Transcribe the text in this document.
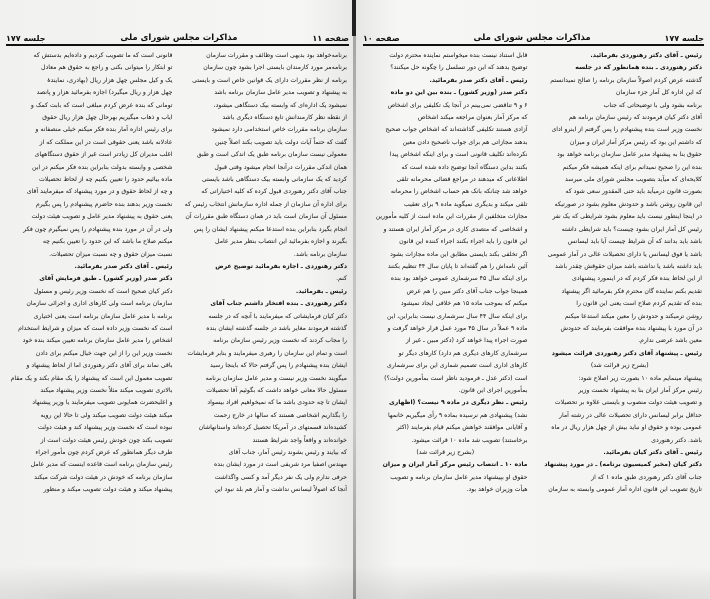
صفحه ۱۱
مذاکرات مجلس شورای ملی
جلسه ۱۷۷

قانونی است که ما تصویب کردیم و داده‌ایم بدستش که

تو ابتکار را میتوانی بکنی و راجع به حقوق هم معادل

یک و کیل مجلس چهل هزار ریال (بهادری، نمایندهٔ

چهل هزار و ریال میگیرد) اجازه بفرمائید هزار و پانصد

تومانی که بنده عرض کردم مبلغی است که بابت کمک و

ایاب و ذهاب میگیریم بهرحال چهل هزار ریال حقوق

برای رئیس اداره آمار بنده فکر میکنم خیلی منصفانه و

عادلانه باشد یعنی حقوقی است در این مملکت که از

اغلب مدیران کل زیادتر است غیر از حقوق دستگاههای

شخصی و وابسته بدولت بنابراین بنده فکر میکنم در این

ماده بیائیم حدود را تعیین بکنیم چه از لحاظ تحصیلات

و چه از لحاظ حقوق و در مورد پیشنهاد که میفرمایند آقای

نخست وزیر بدهند بنده حاضرم پیشنهادم را پس بگیرم

یعنی حقوق به پیشنهاد مدیر عامل و تصویب هیئت دولت

ولی در آن در مورد بنده پیشنهادم را پس نمیگیرم چون فکر

میکنم صلاح ما باشد که این حدود را تعیین بکنیم چه

نسبت میزان حقوق و چه نسبت میزان تحصیلات.

رئیس ـ آقای دکتر صدر بفرمائید.

دکتر صدر (وزیر کشور) ـ طبق فرمایش آقای

دکتر کیان صحیح است که نخست وزیر رئیس و مسئول

سازمان برنامه است ولی کارهای اداری و اجرائی سازمان

برنامه با مدیر عامل سازمان برنامه است یعنی اختیاری

است که نخست وزیر داده است که میزان و شرایط استخدام

اشخاص را مدیر عامل سازمان برنامه تعیین میکند بنده خود

نخست وزیر این را از این جهت خیال میکنم برای دادن

باقی نماند برای آقای دکتر رهنوردی اما از لحاظ پیشنهاد و

تصویب معمول این است که پیشنهاد را یک مقام بکند و یک مقام

بالاتری تصویب میکند مثلاً نخست وزیر پیشنهاد میکند

و اعلیحضرت همایونی تصویب میفرمایند یا وزیر پیشنهاد

میکند هیئت دولت تصویب میکند ولی تا حالا این رویه

نبوده است که نخست وزیر پیشنهاد کند و هیئت دولت

تصویب بکند چون خودش رئیس هیئت دولت است از

طرف دیگر همانطور که عرض کردم چون مأمور اجراء

رئیس سازمان برنامه است قاعده اینست که مدیر عامل

سازمان برنامه که خودش در هیئت دولت شرکت میکند

پیشنهاد میکند و هیئت دولت تصویب میکند و منظور

برنامه‌خواهد بود بدیهی است وظائف و مقررات سازمان

برنامه‌مر مورد کارمندان بایستی اجرا بشود چون سازمان

برنامه از نظر مقررات دارای یک قوانین خاص است و بایستی

به پیشنهاد و تصویب مدیر عامل سازمان برنامه باشد

نمیشود یک اداره‌ای که وابسته بیک دستگاهی میشود،

از نقطه نظر کارمندانش تابع دستگاه دیگری باشد

سازمان برنامه مقررات خاص استخدامی دارد نمیشود

گفت که حتماً آیات دولت باید تصویب بکند اصلاً چنین

معمولی نیست سازمان برنامه طبق یک اندکی است و طبق

همان اندکی مقررات درآنجا انجام میشود وقتی قبول

کردید که یک سازمانی وابسته بیک دستگاهی باشد بایستی

جناب آقای دکتر رهنوردی قبول کرده که کلیه اختیاراتی که

برای اداره آن سازمان از جمله اداره سازمانش انتخاب رئیس که

مسئول آن سازمان است باید در همان دستگاه طبق مقررات آن

انجام بگیرد بنابراین بنده استدعا میکنم پیشنهاد ایشان را پس

بگیرند و اجازه بفرمائید این انتصاب بنظر مدیر عامل

سازمان برنامه باشد.

دکتر رهنوردی ـ اجازه بفرمائید توضیح عرض

کنم.

رئیس ـ بفرمائید.

دکتر رهنوردی ـ بنده افتخار داشتم جناب آقای

دکتر کیان فرمایشاتی که میفرمایند با آنچه که در جلسه

گذشته فرمودند مغایر باشد در جلسه گذشته ایشان بنده

را مجاب کردند که نخست وزیر رئیس سازمان برنامه

است و تمام این سازمان را رهبری میفرمایند و بنابر فرمایشات

ایشان بنده پیشنهادم را پس گرفتم حالا که باینجا رسید

میگویند نخست وزیر نیست و مدیر عامل سازمان برنامه

مسئول حالا معانی خواهد داشت که بگوئیم آقا تحصیلات

ایشان تا چه حدودی باشد ما که نمیخواهیم افراد بیسواد

را بگذاریم اشخاصی هستند که سالها در خارج زحمت

کشیده‌اند قسمتهای در آمریکا تحصیل کرده‌اند واستانهاشان

خوانده‌اند و واقعاً واجد شرایط هستند

که بیایند و رئیس بشوند رئیس آمار، جناب آقای

مهندس اصفیا مرد شریفی است در مورد ایشان بنده

حرفی ندارم ولی یک نفر دیگر آمد و کسی واگذاشت

آنجا که اصولاً لیسانس نداشت و آمار هم بلد نبود این

جلسه ۱۷۷
مذاکرات مجلس شورای ملی
صفحه ۱۰

قابل استناد نیست بنده میخواستم نماینده محترم دولت

توضیح بدهند که این دور تسلسل را چگونه حل میکنند؟

رئیس ـ آقای دکتر صدر بفرمائید.

دکتر صدر (وزیر کشور) ـ بنده بین این دو ماده

۶ و ۹ تناقضی نمی‌بینم در آنجا یک تکلیفی برای اشخاص

که مرکز آمار بعنوان مراجعه میکند اشخاص

آزادی هستند تکلیفی گذاشته‌اند که اشخاص جواب صحیح

بدهند مجازاتی هم برای جواب ناصحیح دادن معین

نکرده‌اند تکلیف قانونی است و برای اینکه اشخاص پیدا

بکنند بداین دستگاه آنجا توضیح داده شده است که

اطلاعاتی که میدهند در مراجع قضائی محرمانه تلقی

خواهد شد چنانکه بانک هم حساب اشخاص را محرمانه

تلقی میکند و بدیگری نمیگوید ماده ۹ برای تعقیب

مجازات متخلفین از مقررات این ماده است از کلیه مأمورین

و اشخاصی که متصدی کاری در مرکز آمار ایران هستند و

این قانون را باید اجراء بکنند اجراء کننده این قانون

اگر تخلفی بکند بایستی مطابق این ماده مجازات بشود

آئین نامه‌اش را هم گفته‌اند تا پایان سال ۴۴ تنظیم بکنند

برای اینکه سال ۴۵ سرشماری عمومی خواهد بود بنده

همینجا جواب جناب آقای دکتر مبین را هم عرض

میکنم که بموجب ماده ۱۵ هم خلافی ایجاد نمیشود

برای اینکه سال ۴۴ سال سرشماری نیست بنابراین، این

ماده ۹ عملاً در سال ۴۵ مورد عمل قرار خواهد گرفت و

صورت اجراء پیدا خواهد کرد (دکتر مبین ـ غیر از

سرشماری کارهای دیگری هم دارد) کارهای دیگر تو

کارهای اداری است تصمیم شماری این برای سرشماری

است (دکتر عدل ـ فرمودید ناظر است بمأمورین دولت؟)

بمأمورین اجرای این قانون.

رئیس ـ نظر دیگری در ماده ۹ نیست؟ (اظهاری

نشد) پیشنهادی هم نرسیده بماده ۹ رأی میگیریم خانمها

و آقایانی موافقند خواهش میکنم قیام بفرمایند (اکثر

برخاستند) تصویب شد ماده ۱۰ قرائت میشود.

(بشرح زیر قرائت شد)

ماده ۱۰ ـ انتصاب رئیس مرکز آمار ایران و میزان

حقوق او بپیشنهاد مدیر عامل سازمان برنامه و تصویب

هیأت وزیران خواهد بود.

رئیس ـ آقای دکتر رهنوردی بفرمائید.

دکتر رهنوردی ـ بنده همانطور که در جلسه

گذشته عرض کردم اصولاً سازمان برنامه را صالح نمیدانستم

که این اداره کل آمار جزء سازمان

برنامه بشود ولی با توضیحاتی که جناب

آقای دکتر کیان فرمودند که رئیس سازمان برنامه هم

نخست وزیر است بنده پیشنهادم را پس گرفتم از اینرو ادای

که داشتم این بود که رئیس مرکز آمار ایران و میزان

حقوق بنا به پیشنهاد مدیر عامل سازمان برنامه خواهد بود

بنده این را صحیح نمیدانم برای اینکه همیشه فکر میکنم

کلایحه‌ای که میآید بتصویب مجلس شورای ملی میرسد

بصورت قانون درمیآید باید حتی المقدور سعی شود که

این قانون روشن باشد و حدودش معلوم بشود در صورتیکه

در اینجا اینطور نیست باید معلوم بشود شرایطی که یک نفر

رئیس کل آمار ایران بشود چیست؟ باید شرایطی داشته

باشد باید بدانند که آن شرایط چیست آیا باید لیسانس

باشد یا فوق لیسانس یا دارای تحصیلات عالی در آمار عمومی

باید داشته باشد یا نداشته باشد میزان حقوقش چقدر باشد

از این لحاظ بنده فکر کردم که در اینمورد پیشنهادی

تقدیم بکنم نماینده گان محترم فکر بفرمائید اگر پیشنهاد

بنده که تقدیم کردم صلاح است یعنی این قانون را

روشن ترمیکند و حدودش را معین میکند استدعا میکنم

در آن مورد با پیشنهاد بنده موافقت بفرمایند که حدودش

معین باشد عرضی ندارم.

رئیس ـ پیشنهاد آقای دکتر رهنوردی قرائت میشود

(بشرح زیر قرائت شد)

پیشنهاد مینمایم ماده ۱۰ بصورت زیر اصلاح شود:

رئیس مرکز آمار ایران بنا به پیشنهاد نخست وزیر

و تصویب هیئت دولت منصوب و بایستی علاوه بر تحصیلات

حداقل برابر لیسانس دارای تحصیلات عالی در رشته آمار

عمومی بوده و حقوق او نباید بیش از چهل هزار ریال در ماه

باشد. دکتر رهنوردی

رئیس ـ آقای دکتر کیان بفرمائید.

دکتر کیان (مخبر کمیسیون برنامه) ـ در مورد پیشنهاد

جناب آقای دکتر رهنوردی طبق ماده ۱ که از

تاریخ تصویب این قانون اداره آمار عمومی وابسته به سازمان
